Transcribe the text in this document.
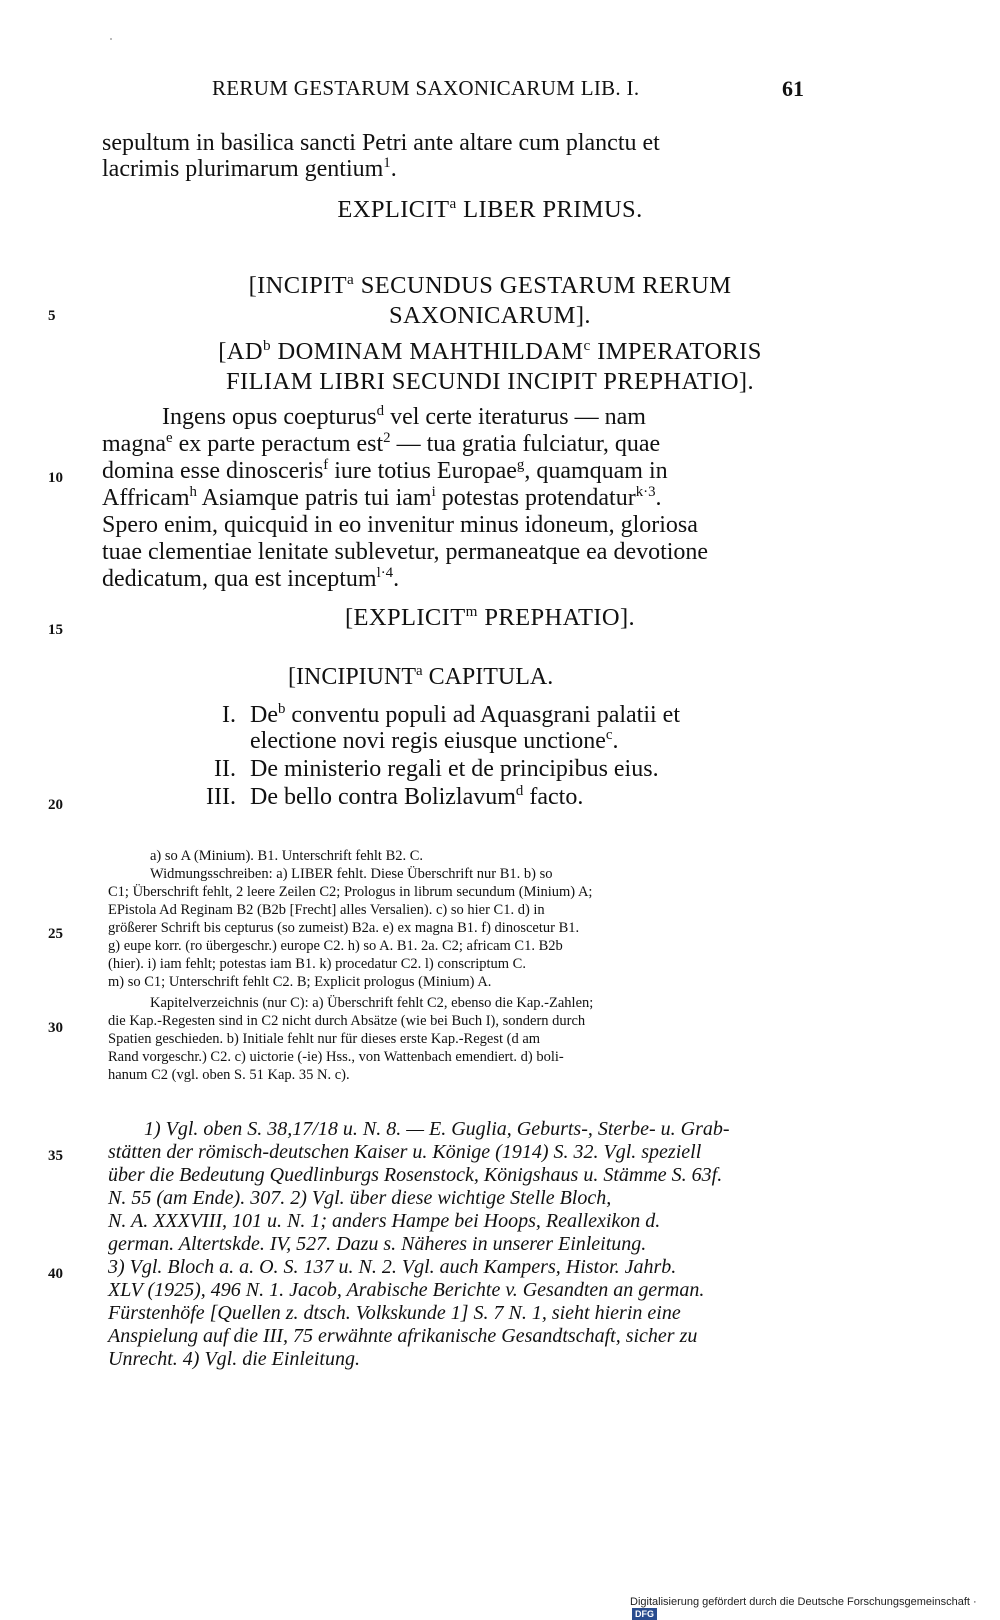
RERUM GESTARUM SAXONICARUM LIB. I.	61
5
10
15
20
25
30
35
40
sepultum in basilica sancti Petri ante altare cum planctu et
lacrimis plurimarum gentium$^1$.
EXPLICIT$^a$ LIBER PRIMUS.
[INCIPIT$^a$ SECUNDUS GESTARUM RERUM
SAXONICARUM].
[$AD^b$ DOMINAM MAHTHILDAM$^c$ IMPERATORIS
FILIAM LIBRI SECUNDI INCIPIT PREPHATIO].
Ingens opus coepturus$^d$ vel certe iteraturus — nam
magna$^e$ ex parte peractum est$^2$ — tua gratia fulciatur, quae
domina esse dinosceris$^f$ iure totius Europae$^g$, quamquam in
Affricam$^h$ Asiamque patris tui iam$^i$ potestas protendatur$^{k\cdot 3}$.
Spero enim, quicquid in eo invenitur minus idoneum, gloriosa
tuae clementiae lenitate sublevetur, permaneatque ea devotione
dedicatum, qua est inceptum$^{l\cdot 4}$.
[EXPLICIT$^m$ PREPHATIO].
[INCIPIUNT$^a$ CAPITULA.
I. De$^b$ conventu populi ad Aquasgrani palatii et
electione novi regis eiusque unctione$^c$.
II. De ministerio regali et de principibus eius.
III. De bello contra Bolizlavum$^d$ facto.
a) so A (Minium). B1. Unterschrift fehlt B2. C.
Widmungsschreiben: a) LIBER fehlt. Diese Überschrift nur B1. b) so
C1; Überschrift fehlt, 2 leere Zeilen C2; Prologus in librum secundum (Minium) A;
EPistola Ad Reginam B2 (B2b [Frecht] alles Versalien). c) so hier C1. d) in
größerer Schrift bis cepturus (so zumeist) B2a. e) ex magna B1. f) dinoscetur B1.
g) eupe korr. (ro übergeschr.) europe C2. h) so A. B1. 2a. C2; africam C1. B2b
(hier). i) iam fehlt; potestas iam B1. k) procedatur C2. l) conscriptum C.
m) so C1; Unterschrift fehlt C2. B; Explicit prologus (Minium) A.
Kapitelverzeichnis (nur C): a) Überschrift fehlt C2, ebenso die Kap.-Zahlen;
die Kap.-Regesten sind in C2 nicht durch Absätze (wie bei Buch I), sondern durch
Spatien geschieden. b) Initiale fehlt nur für dieses erste Kap.-Regest (d am
Rand vorgeschr.) C2. c) uictorie (-ie) Hss., von Wattenbach emendiert. d) boli-
hanum C2 (vgl. oben S. 51 Kap. 35 N. c).
1) Vgl. oben S. 38,17/18 u. N. 8. — E. Guglia, Geburts-, Sterbe- u. Grab-
stätten der römisch-deutschen Kaiser u. Könige (1914) S. 32. Vgl. speziell
über die Bedeutung Quedlinburgs Rosenstock, Königshaus u. Stämme S. 63f.
N. 55 (am Ende). 307. 2) Vgl. über diese wichtige Stelle Bloch,
N. A. XXXVIII, 101 u. N. 1; anders Hampe bei Hoops, Reallexikon d.
german. Altertskde. IV, 527. Dazu s. Näheres in unserer Einleitung.
3) Vgl. Bloch a. a. O. S. 137 u. N. 2. Vgl. auch Kampers, Histor. Jahrb.
XLV (1925), 496 N. 1. Jacob, Arabische Berichte v. Gesandten an german.
Fürstenhöfe [Quellen z. dtsch. Volkskunde 1] S. 7 N. 1, sieht hierin eine
Anspielung auf die III, 75 erwähnte afrikanische Gesandtschaft, sicher zu
Unrecht. 4) Vgl. die Einleitung.
Digitalisierung gefördert durch die Deutsche Forschungsgemeinschaft · DFG
